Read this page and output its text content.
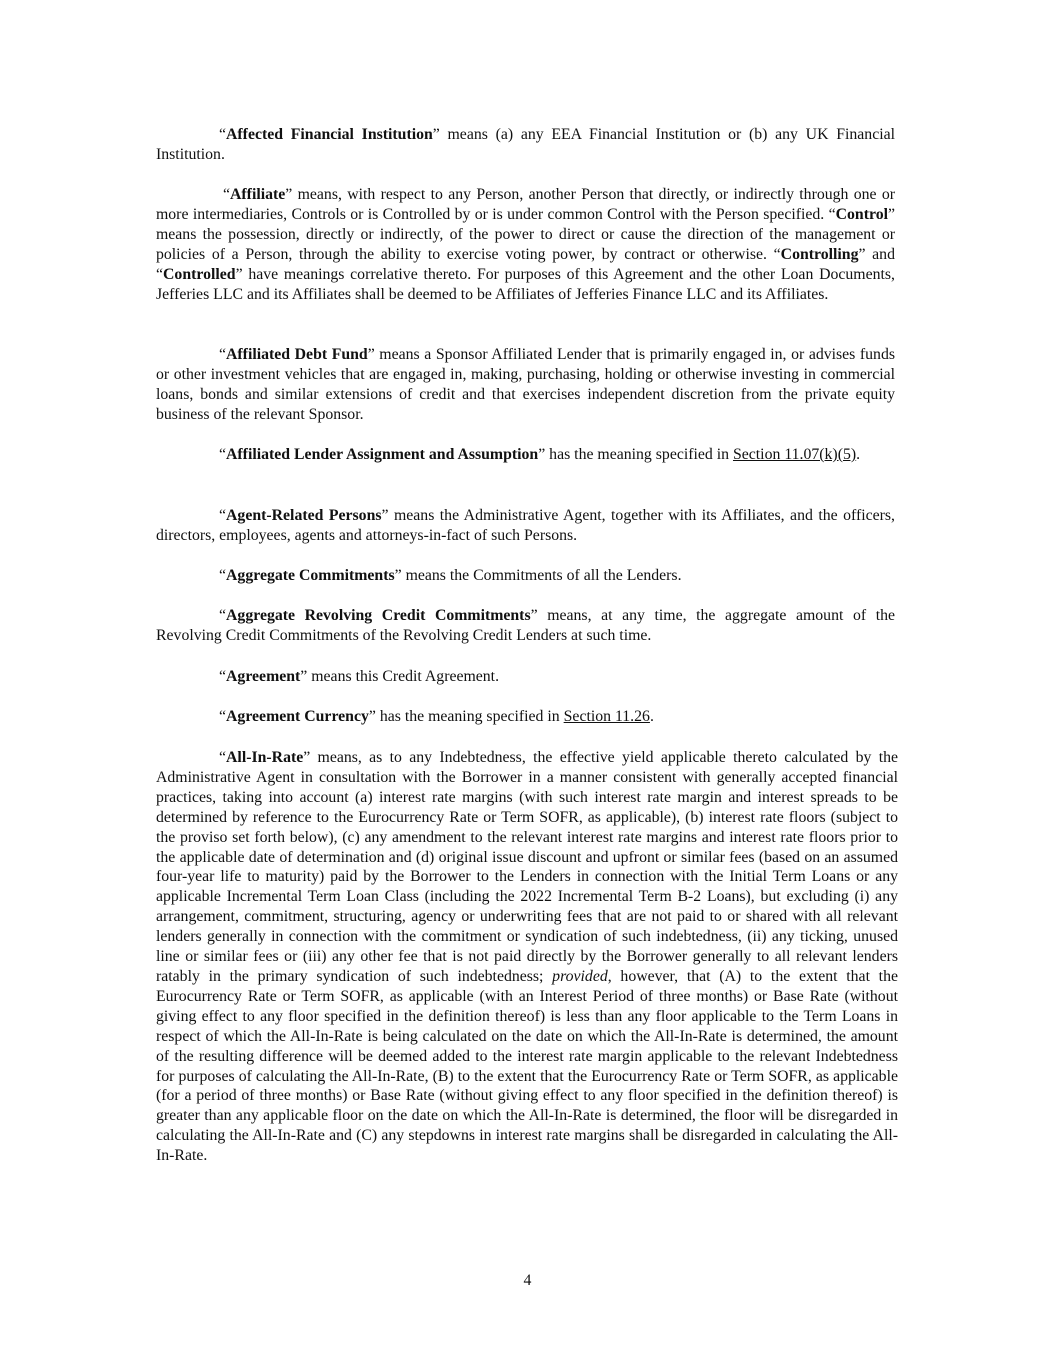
“Affected Financial Institution” means (a) any EEA Financial Institution or (b) any UK Financial Institution.

“Affiliate” means, with respect to any Person, another Person that directly, or indirectly through one or more intermediaries, Controls or is Controlled by or is under common Control with the Person specified. “Control” means the possession, directly or indirectly, of the power to direct or cause the direction of the management or policies of a Person, through the ability to exercise voting power, by contract or otherwise. “Controlling” and “Controlled” have meanings correlative thereto. For purposes of this Agreement and the other Loan Documents, Jefferies LLC and its Affiliates shall be deemed to be Affiliates of Jefferies Finance LLC and its Affiliates.

“Affiliated Debt Fund” means a Sponsor Affiliated Lender that is primarily engaged in, or advises funds or other investment vehicles that are engaged in, making, purchasing, holding or otherwise investing in commercial loans, bonds and similar extensions of credit and that exercises independent discretion from the private equity business of the relevant Sponsor.

“Affiliated Lender Assignment and Assumption” has the meaning specified in Section 11.07(k)(5).

“Agent-Related Persons” means the Administrative Agent, together with its Affiliates, and the officers, directors, employees, agents and attorneys-in-fact of such Persons.

“Aggregate Commitments” means the Commitments of all the Lenders.

“Aggregate Revolving Credit Commitments” means, at any time, the aggregate amount of the Revolving Credit Commitments of the Revolving Credit Lenders at such time.

“Agreement” means this Credit Agreement.

“Agreement Currency” has the meaning specified in Section 11.26.

“All-In-Rate” means, as to any Indebtedness, the effective yield applicable thereto calculated by the Administrative Agent in consultation with the Borrower in a manner consistent with generally accepted financial practices, taking into account (a) interest rate margins (with such interest rate margin and interest spreads to be determined by reference to the Eurocurrency Rate or Term SOFR, as applicable), (b) interest rate floors (subject to the proviso set forth below), (c) any amendment to the relevant interest rate margins and interest rate floors prior to the applicable date of determination and (d) original issue discount and upfront or similar fees (based on an assumed four-year life to maturity) paid by the Borrower to the Lenders in connection with the Initial Term Loans or any applicable Incremental Term Loan Class (including the 2022 Incremental Term B-2 Loans), but excluding (i) any arrangement, commitment, structuring, agency or underwriting fees that are not paid to or shared with all relevant lenders generally in connection with the commitment or syndication of such indebtedness, (ii) any ticking, unused line or similar fees or (iii) any other fee that is not paid directly by the Borrower generally to all relevant lenders ratably in the primary syndication of such indebtedness; provided, however, that (A) to the extent that the Eurocurrency Rate or Term SOFR, as applicable (with an Interest Period of three months) or Base Rate (without giving effect to any floor specified in the definition thereof) is less than any floor applicable to the Term Loans in respect of which the All-In-Rate is being calculated on the date on which the All-In-Rate is determined, the amount of the resulting difference will be deemed added to the interest rate margin applicable to the relevant Indebtedness for purposes of calculating the All-In-Rate, (B) to the extent that the Eurocurrency Rate or Term SOFR, as applicable (for a period of three months) or Base Rate (without giving effect to any floor specified in the definition thereof) is greater than any applicable floor on the date on which the All-In-Rate is determined, the floor will be disregarded in calculating the All-In-Rate and (C) any stepdowns in interest rate margins shall be disregarded in calculating the All-In-Rate.

4
